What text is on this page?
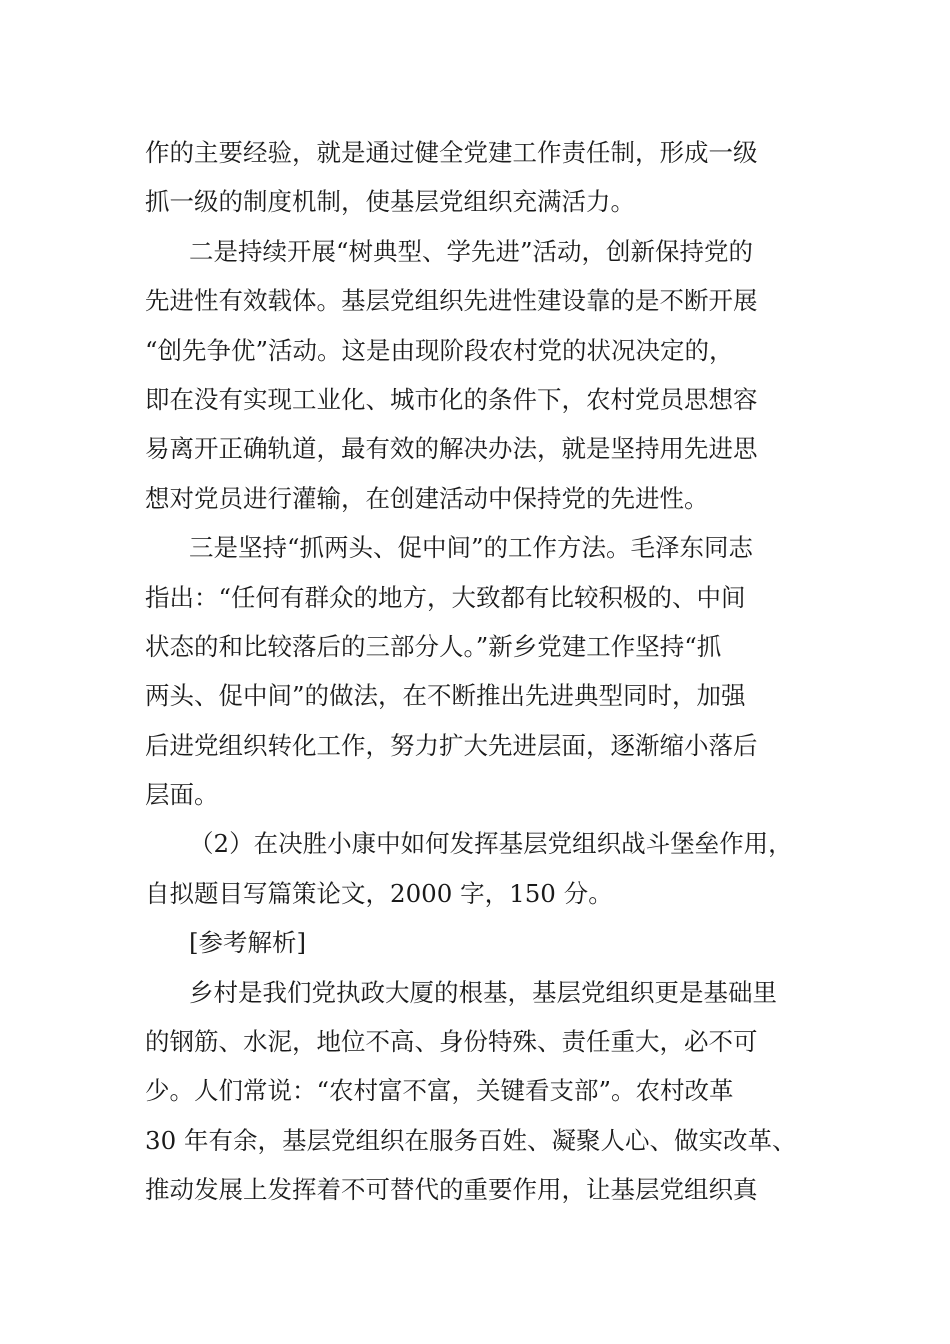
作的主要经验，就是通过健全党建工作责任制，形成一级
抓一级的制度机制，使基层党组织充满活力。
二是持续开展“树典型、学先进”活动，创新保持党的
先进性有效载体。基层党组织先进性建设靠的是不断开展
“创先争优”活动。这是由现阶段农村党的状况决定的，
即在没有实现工业化、城市化的条件下，农村党员思想容
易离开正确轨道，最有效的解决办法，就是坚持用先进思
想对党员进行灌输，在创建活动中保持党的先进性。
三是坚持“抓两头、促中间”的工作方法。毛泽东同志
指出：“任何有群众的地方，大致都有比较积极的、中间
状态的和比较落后的三部分人。”新乡党建工作坚持“抓
两头、促中间”的做法，在不断推出先进典型同时，加强
后进党组织转化工作，努力扩大先进层面，逐渐缩小落后
层面。
（2）在决胜小康中如何发挥基层党组织战斗堡垒作用，
自拟题目写篇策论文，2000 字，150 分。
[参考解析]
乡村是我们党执政大厦的根基，基层党组织更是基础里
的钢筋、水泥，地位不高、身份特殊、责任重大，必不可
少。人们常说：“农村富不富，关键看支部”。农村改革
30 年有余，基层党组织在服务百姓、凝聚人心、做实改革、
推动发展上发挥着不可替代的重要作用，让基层党组织真
